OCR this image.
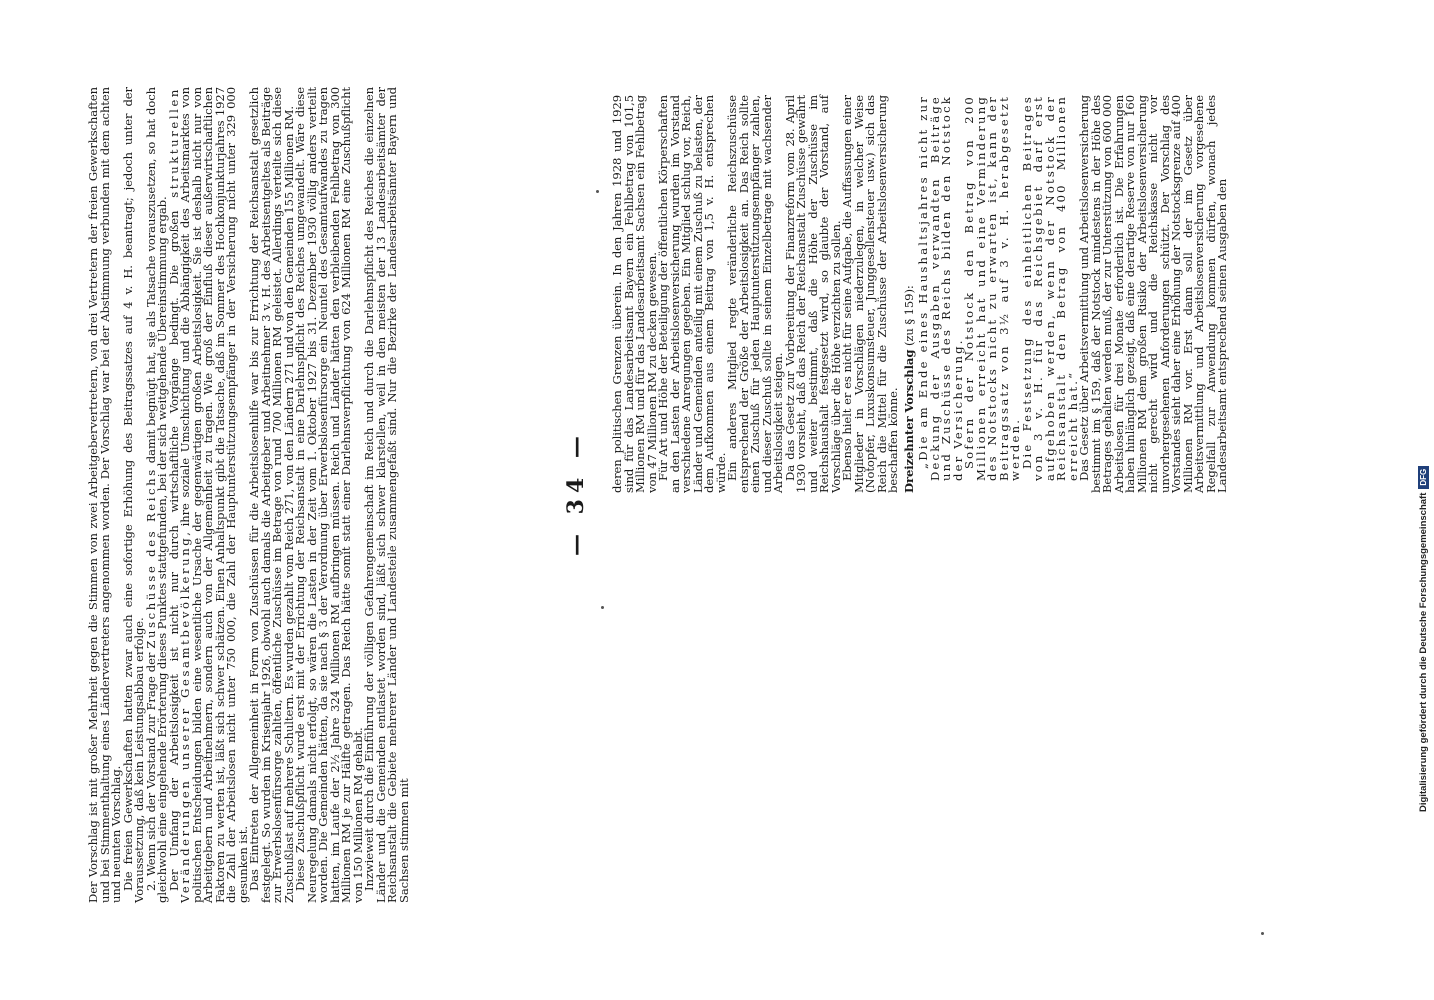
Der Vorschlag ist mit großer Mehrheit gegen die Stimmen von zwei Arbeitgebervertretern, von drei Vertretern der freien Gewerkschaften und bei Stimmenthaltung eines Ländervertreters angenommen worden. Der Vorschlag war bei der Abstimmung verbunden mit dem achten und neunten Vorschlag.

Die freien Gewerkschaften hatten zwar auch eine sofortige Erhöhung des Beitragssatzes auf 4 v. H. beantragt; jedoch unter der Voraussetzung, daß kein Leistungsabbau erfolge.

2. Wenn sich der Vorstand zur Frage der Zuschüsse des Reichs damit begnügt hat, sie als Tatsache vorauszusetzen, so hat doch gleichwohl eine eingehende Erörterung dieses Punktes stattgefunden, bei der sich weitgehende Übereinstimmung ergab.

Der Umfang der Arbeitslosigkeit ist nicht nur durch wirtschaftliche Vorgänge bedingt. Die großen strukturellen Veränderungen unserer Gesamtbevölkerung, ihre soziale Umschichtung und die Abhängigkeit des Arbeitsmarktes von politischen Entscheidungen bilden eine wesentliche Ursache der gegenwärtigen großen Arbeitslosigkeit. Sie ist deshalb nicht nur von Arbeitgebern und Arbeitnehmern, sondern auch von der Allgemeinheit zu tragen. Wie groß der Einfluß dieser außerwirtschaftlichen Faktoren zu werten ist, läßt sich schwer schätzen. Einen Anhaltspunkt gibt die Tatsache, daß im Sommer des Hochkonjunkturjahres 1927 die Zahl der Arbeitslosen nicht unter 750 000, die Zahl der Hauptunterstützungsempfänger in der Versicherung nicht unter 329 000 gesunken ist.

Das Eintreten der Allgemeinheit in Form von Zuschüssen für die Arbeitslosenhilfe war bis zur Errichtung der Reichsanstalt gesetzlich festgelegt. So wurden im Krisenjahr 1926, obwohl auch damals die Arbeitgeber und Arbeitnehmer 3 v. H. des Arbeitsentgeltes als Beiträge zur Erwerbslosenfürsorge zahlten, öffentliche Zuschüsse im Betrage von rund 700 Millionen RM geleistet. Allerdings verteilte sich diese Zuschußlast auf mehrere Schultern. Es wurden gezahlt vom Reich 271, von den Ländern 271 und von den Gemeinden 155 Millionen RM.

Diese Zuschußpflicht wurde erst mit der Errichtung der Reichsanstalt in eine Darlehnspflicht des Reiches umgewandelt. Wäre diese Neuregelung damals nicht erfolgt, so wären die Lasten in der Zeit vom 1. Oktober 1927 bis 31. Dezember 1930 völlig anders verteilt worden. Die Gemeinden hätten, da sie nach § 3 der Verordnung über Erwerbslosenfürsorge ein Neuntel des Gesamtaufwandes zu tragen hatten, im Laufe der 2½ Jahre 324 Millionen RM aufbringen müssen. Reich und Länder hätten den verbleibenden Fehlbetrag von 300 Millionen RM je zur Hälfte getragen. Das Reich hätte somit statt einer Darlehnsverpflichtung von 624 Millionen RM eine Zuschußpflicht von 150 Millionen RM gehabt.

Inzwieweit durch die Einführung der völligen Gefahrengemeinschaft im Reich und durch die Darlehnspflicht des Reiches die einzelnen Länder und die Gemeinden entlastet worden sind, läßt sich schwer klarstellen, weil in den meisten der 13 Landesarbeitsämter der Reichsanstalt die Gebiete mehrerer Länder und Landesteile zusammengefaßt sind. Nur die Bezirke der Landesarbeitsämter Bayern und Sachsen stimmen mit

— 34 —

deren politischen Grenzen überein. In den Jahren 1928 und 1929 sind für das Landesarbeitsamt Bayern ein Fehlbetrag von 101,5 Millionen RM und für das Landesarbeitsamt Sachsen ein Fehlbetrag von 47 Millionen RM zu decken gewesen.

Für Art und Höhe der Beteiligung der öffentlichen Körperschaften an den Lasten der Arbeitslosenversicherung wurden im Vorstand verschiedene Anregungen gegeben. Ein Mitglied schlug vor, Reich, Länder und Gemeinden anteilig mit einem Zuschuß zu belasten, der dem Aufkommen aus einem Beitrag von 1,5 v. H. entsprechen würde.

Ein anderes Mitglied regte veränderliche Reichszuschüsse entsprechend der Größe der Arbeitslosigkeit an. Das Reich sollte einen Zuschuß für jeden Hauptunterstützungsempfänger zahlen, und dieser Zuschuß sollte in seinem Einzelbetrage mit wachsender Arbeitslosigkeit steigen.

Da das Gesetz zur Vorbereitung der Finanzreform vom 28. April 1930 vorsieht, daß das Reich der Reichsanstalt Zuschüsse gewährt und weiter bestimmt, daß die Höhe der Zuschüsse im Reichshaushalt festgesetzt wird, so glaubte der Vorstand, auf Vorschläge über die Höhe verzichten zu sollen.

Ebenso hielt er es nicht für seine Aufgabe, die Auffassungen einer Mitglieder in Vorschlägen niederzulegen, in welcher Weise (Notopfer, Luxuskonsumsteuer, Junggesellensteuer usw.) sich das Reich die Mittel für die Zuschüsse der Arbeitslosenversicherung beschaffen könne. Dreizehnter Vorschlag (zu § 159): „Die am Ende eines Haushaltsjahres nicht zur Deckung der Ausgaben verwandten Beiträge und Zuschüsse des Reichs bilden den Notstock der Versicherung.

Sofern der Notstock den Betrag von 200 Millionen erreicht hat und eine Verminderung des Notstocks nicht zu erwarten ist, kann der Beitragssatz von 3½ auf 3 v. H. herabgesetzt werden.

Die Festsetzung des einheitlichen Beitrages von 3 v. H. für das Reichsgebiet darf erst aufgehoben werden, wenn der Notstock der Reichsanstalt den Betrag von 400 Millionen erreicht hat.“

Das Gesetz über Arbeitsvermittlung und Arbeitslosenversicherung bestimmt im § 159, daß der Notstock mindestens in der Höhe des Betrages gehalten werden muß, der zur Unterstützung von 600 000 Arbeitslosen für drei Monate erforderlich ist. Die Erfahrungen haben hinlänglich gezeigt, daß eine derartige Reserve von nur 160 Millionen RM dem großen Risiko der Arbeitslosenversicherung nicht gerecht wird und die Reichskasse nicht vor unvorhergesehenen Anforderungen schützt. Der Vorschlag des Vorstandes sieht daher eine Erhöhung der Notstocksgrenze auf 400 Millionen RM vor. Erst dann soll der im Gesetz über Arbeitsvermittlung und Arbeitslosenversicherung vorgesehene Regelfall zur Anwendung kommen dürfen, wonach jedes Landesarbeitsamt entsprechend seinen Ausgaben den

Digitalisierung gefördert durch die Deutsche ForschungsgemeinschaftDFG
